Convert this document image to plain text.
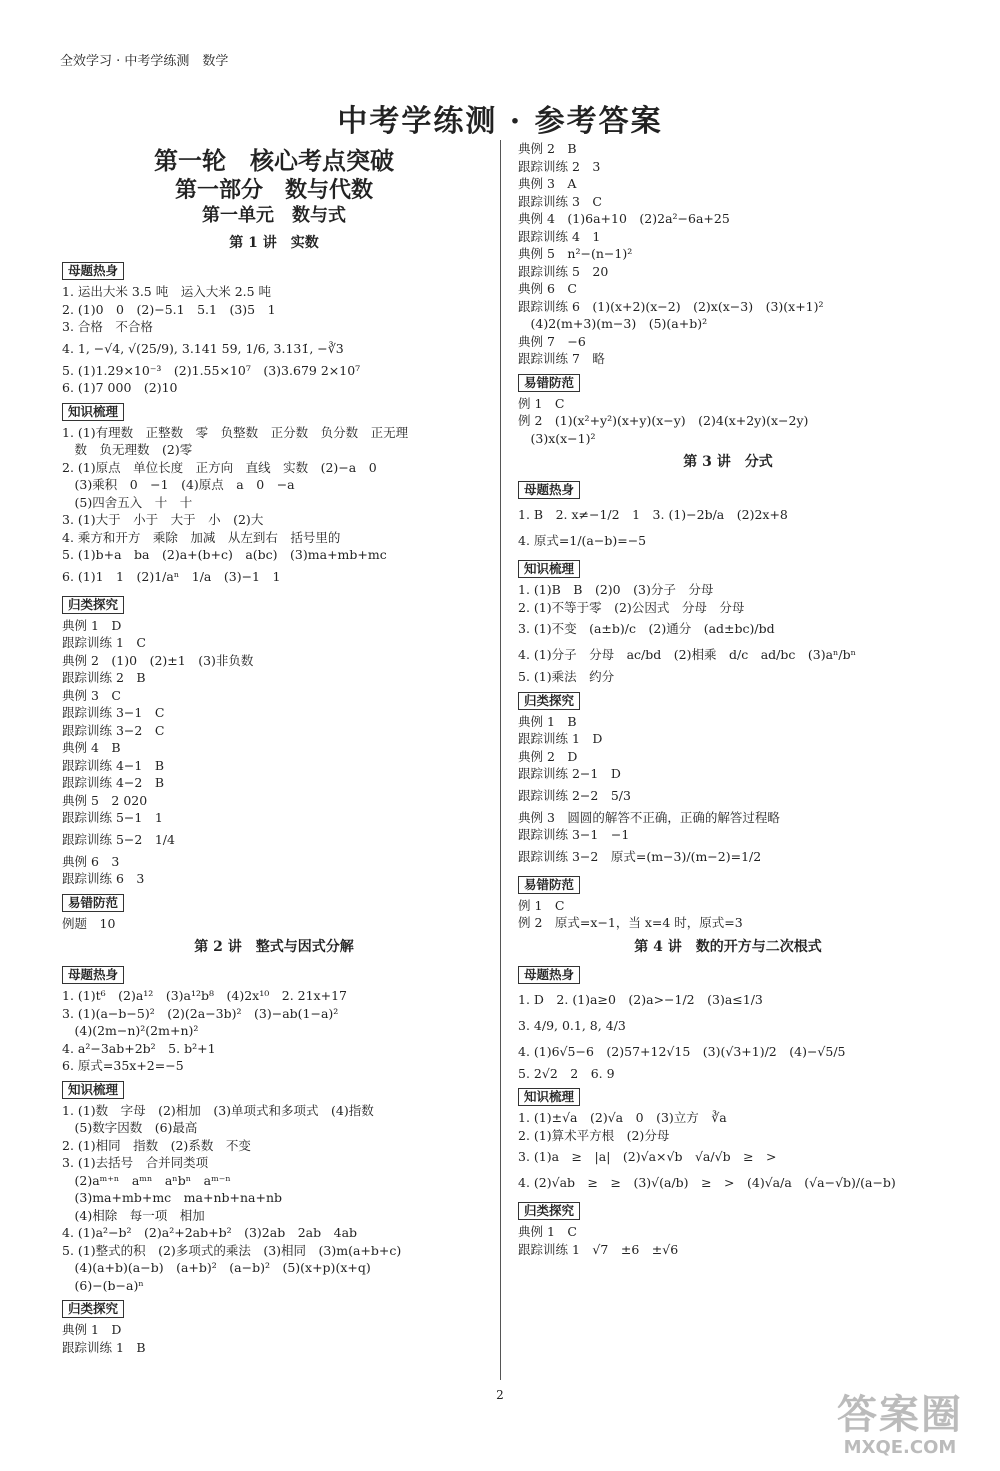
全效学习 · 中考学练测　数学
中考学练测 · 参考答案
第一轮　核心考点突破
第一部分　数与代数
第一单元　数与式
第 1 讲　实数
母题热身
1. 运出大米 3.5 吨　运入大米 2.5 吨
2. (1)0　0　(2)−5.1　5.1　(3)5　1
3. 合格　不合格
4. 1, −√4, √(25/9), 3.141 59, 1/6, 3.131̇, −∛3
5. (1)1.29×10⁻³　(2)1.55×10⁷　(3)3.679 2×10⁷
6. (1)7 000　(2)10
知识梳理
1. (1)有理数　正整数　零　负整数　正分数　负分数　正无理
　数　负无理数　(2)零
2. (1)原点　单位长度　正方向　直线　实数　(2)−a　0
　(3)乘积　0　−1　(4)原点　a　0　−a
　(5)四舍五入　十　十
3. (1)大于　小于　大于　小　(2)大
4. 乘方和开方　乘除　加减　从左到右　括号里的
5. (1)b+a　ba　(2)a+(b+c)　a(bc)　(3)ma+mb+mc
6. (1)1　1　(2)1/aⁿ　1/a　(3)−1　1
归类探究
典例 1　D
跟踪训练 1　C
典例 2　(1)0　(2)±1　(3)非负数
跟踪训练 2　B
典例 3　C
跟踪训练 3−1　C
跟踪训练 3−2　C
典例 4　B
跟踪训练 4−1　B
跟踪训练 4−2　B
典例 5　2 020
跟踪训练 5−1　1
跟踪训练 5−2　1/4
典例 6　3
跟踪训练 6　3
易错防范
例题　10
第 2 讲　整式与因式分解
母题热身
1. (1)t⁶　(2)a¹²　(3)a¹²b⁸　(4)2x¹⁰　2. 21x+17
3. (1)(a−b−5)²　(2)(2a−3b)²　(3)−ab(1−a)²
　(4)(2m−n)²(2m+n)²
4. a²−3ab+2b²　5. b²+1
6. 原式=35x+2=−5
知识梳理
1. (1)数　字母　(2)相加　(3)单项式和多项式　(4)指数
　(5)数字因数　(6)最高
2. (1)相同　指数　(2)系数　不变
3. (1)去括号　合并同类项
　(2)aᵐ⁺ⁿ　aᵐⁿ　aⁿbⁿ　aᵐ⁻ⁿ
　(3)ma+mb+mc　ma+nb+na+nb
　(4)相除　每一项　相加
4. (1)a²−b²　(2)a²+2ab+b²　(3)2ab　2ab　4ab
5. (1)整式的积　(2)多项式的乘法　(3)相同　(3)m(a+b+c)
　(4)(a+b)(a−b)　(a+b)²　(a−b)²　(5)(x+p)(x+q)
　(6)−(b−a)ⁿ
归类探究
典例 1　D
跟踪训练 1　B
典例 2　B
跟踪训练 2　3
典例 3　A
跟踪训练 3　C
典例 4　(1)6a+10　(2)2a²−6a+25
跟踪训练 4　1
典例 5　n²−(n−1)²
跟踪训练 5　20
典例 6　C
跟踪训练 6　(1)(x+2)(x−2)　(2)x(x−3)　(3)(x+1)²
　(4)2(m+3)(m−3)　(5)(a+b)²
典例 7　−6
跟踪训练 7　略
易错防范
例 1　C
例 2　(1)(x²+y²)(x+y)(x−y)　(2)4(x+2y)(x−2y)
　(3)x(x−1)²
第 3 讲　分式
母题热身
1. B　2. x≠−1/2　1　3. (1)−2b/a　(2)2x+8
4. 原式=1/(a−b)=−5
知识梳理
1. (1)B　B　(2)0　(3)分子　分母
2. (1)不等于零　(2)公因式　分母　分母
3. (1)不变　(a±b)/c　(2)通分　(ad±bc)/bd
4. (1)分子　分母　ac/bd　(2)相乘　d/c　ad/bc　(3)aⁿ/bⁿ
5. (1)乘法　约分
归类探究
典例 1　B
跟踪训练 1　D
典例 2　D
跟踪训练 2−1　D
跟踪训练 2−2　5/3
典例 3　圆圆的解答不正确，正确的解答过程略
跟踪训练 3−1　−1
跟踪训练 3−2　原式=(m−3)/(m−2)=1/2
易错防范
例 1　C
例 2　原式=x−1，当 x=4 时，原式=3
第 4 讲　数的开方与二次根式
母题热身
1. D　2. (1)a≥0　(2)a>−1/2　(3)a≤1/3
3. 4/9, 0.1, 8, 4/3
4. (1)6√5−6　(2)57+12√15　(3)(√3+1)/2　(4)−√5/5
5. 2√2　2　6. 9
知识梳理
1. (1)±√a　(2)√a　0　(3)立方　∛a
2. (1)算术平方根　(2)分母
3. (1)a　≥　|a|　(2)√a×√b　√a/√b　≥　>
4. (2)√ab　≥　≥　(3)√(a/b)　≥　>　(4)√a/a　(√a−√b)/(a−b)
归类探究
典例 1　C
跟踪训练 1　√7　±6　±√6
2	答案圈
MXQE.COM
